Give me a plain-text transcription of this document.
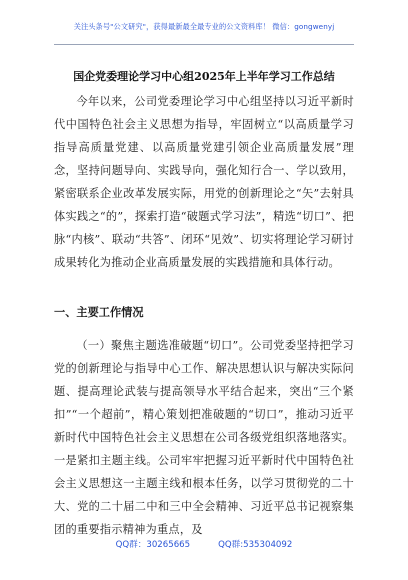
关注头条号"公文研究"，获得最新最全最专业的公文资料库！ 微信：gongwenyj
国企党委理论学习中心组2025年上半年学习工作总结
今年以来，公司党委理论学习中心组坚持以习近平新时代中国特色社会主义思想为指导，牢固树立“以高质量学习指导高质量党建、以高质量党建引领企业高质量发展”理念，坚持问题导向、实践导向，强化知行合一、学以致用，紧密联系企业改革发展实际，用党的创新理论之“矢”去射具体实践之“的”，探索打造“破题式学习法”，精选“切口”、把脉“内核”、联动“共答”、闭环“见效”、切实将理论学习研讨成果转化为推动企业高质量发展的实践措施和具体行动。
一、主要工作情况
（一）聚焦主题选准破题“切口”。公司党委坚持把学习党的创新理论与指导中心工作、解决思想认识与解决实际问题、提高理论武装与提高领导水平结合起来，突出“三个紧扣”“一个超前”，精心策划把准破题的“切口”，推动习近平新时代中国特色社会主义思想在公司各级党组织落地落实。一是紧扣主题主线。公司牢牢把握习近平新时代中国特色社会主义思想这一主题主线和根本任务，以学习贯彻党的二十大、党的二十届二中和三中全会精神、习近平总书记视察集团的重要指示精神为重点，及
QQ群：30265665	QQ群:535304092
